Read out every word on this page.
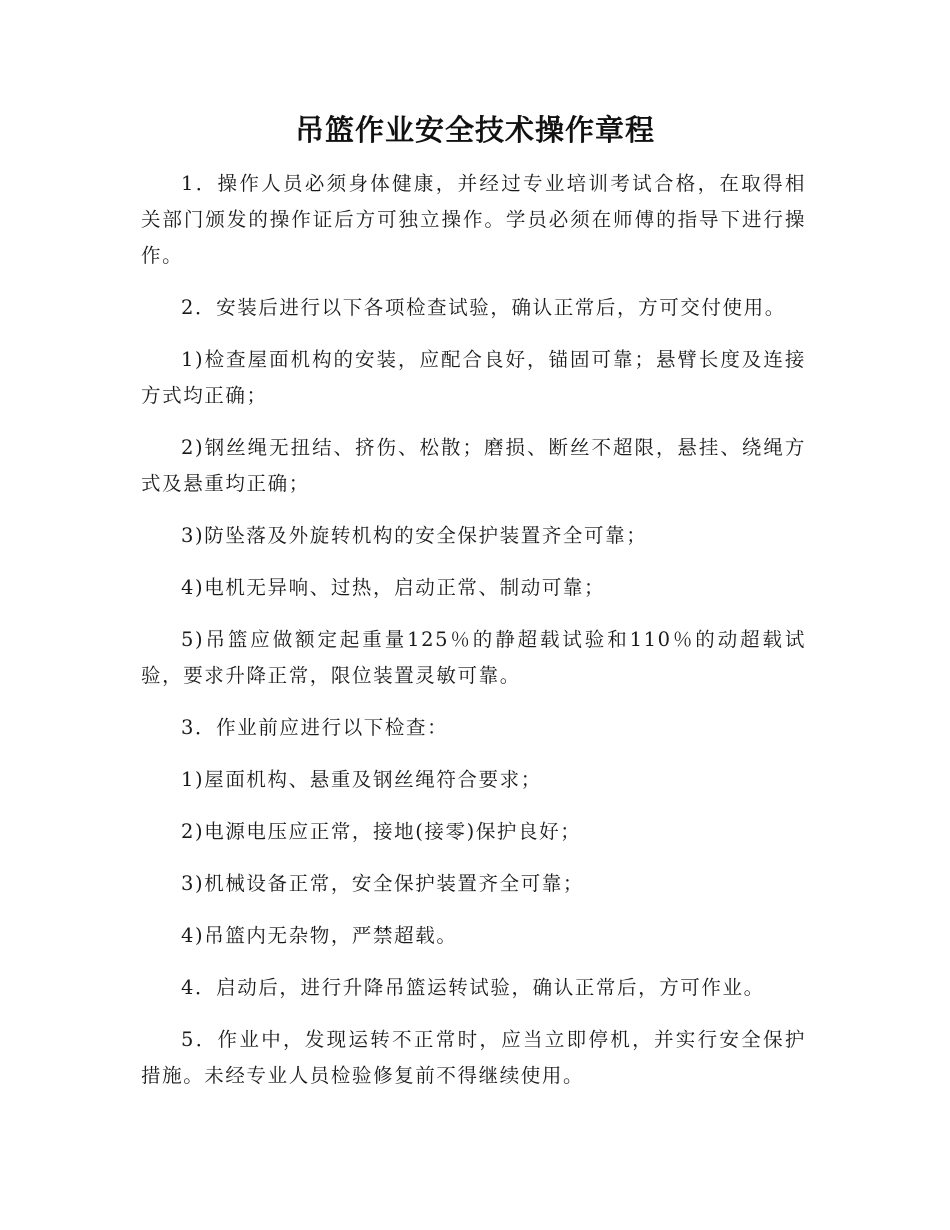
吊篮作业安全技术操作章程

1．操作人员必须身体健康，并经过专业培训考试合格，在取得相关部门颁发的操作证后方可独立操作。学员必须在师傅的指导下进行操作。

2．安装后进行以下各项检查试验，确认正常后，方可交付使用。

1)检查屋面机构的安装，应配合良好，锚固可靠；悬臂长度及连接方式均正确；

2)钢丝绳无扭结、挤伤、松散；磨损、断丝不超限，悬挂、绕绳方式及悬重均正确；

3)防坠落及外旋转机构的安全保护装置齐全可靠；

4)电机无异响、过热，启动正常、制动可靠；

5)吊篮应做额定起重量125％的静超载试验和110％的动超载试验，要求升降正常，限位装置灵敏可靠。

3．作业前应进行以下检查：

1)屋面机构、悬重及钢丝绳符合要求；

2)电源电压应正常，接地(接零)保护良好；

3)机械设备正常，安全保护装置齐全可靠；

4)吊篮内无杂物，严禁超载。

4．启动后，进行升降吊篮运转试验，确认正常后，方可作业。

5．作业中，发现运转不正常时，应当立即停机，并实行安全保护措施。未经专业人员检验修复前不得继续使用。
